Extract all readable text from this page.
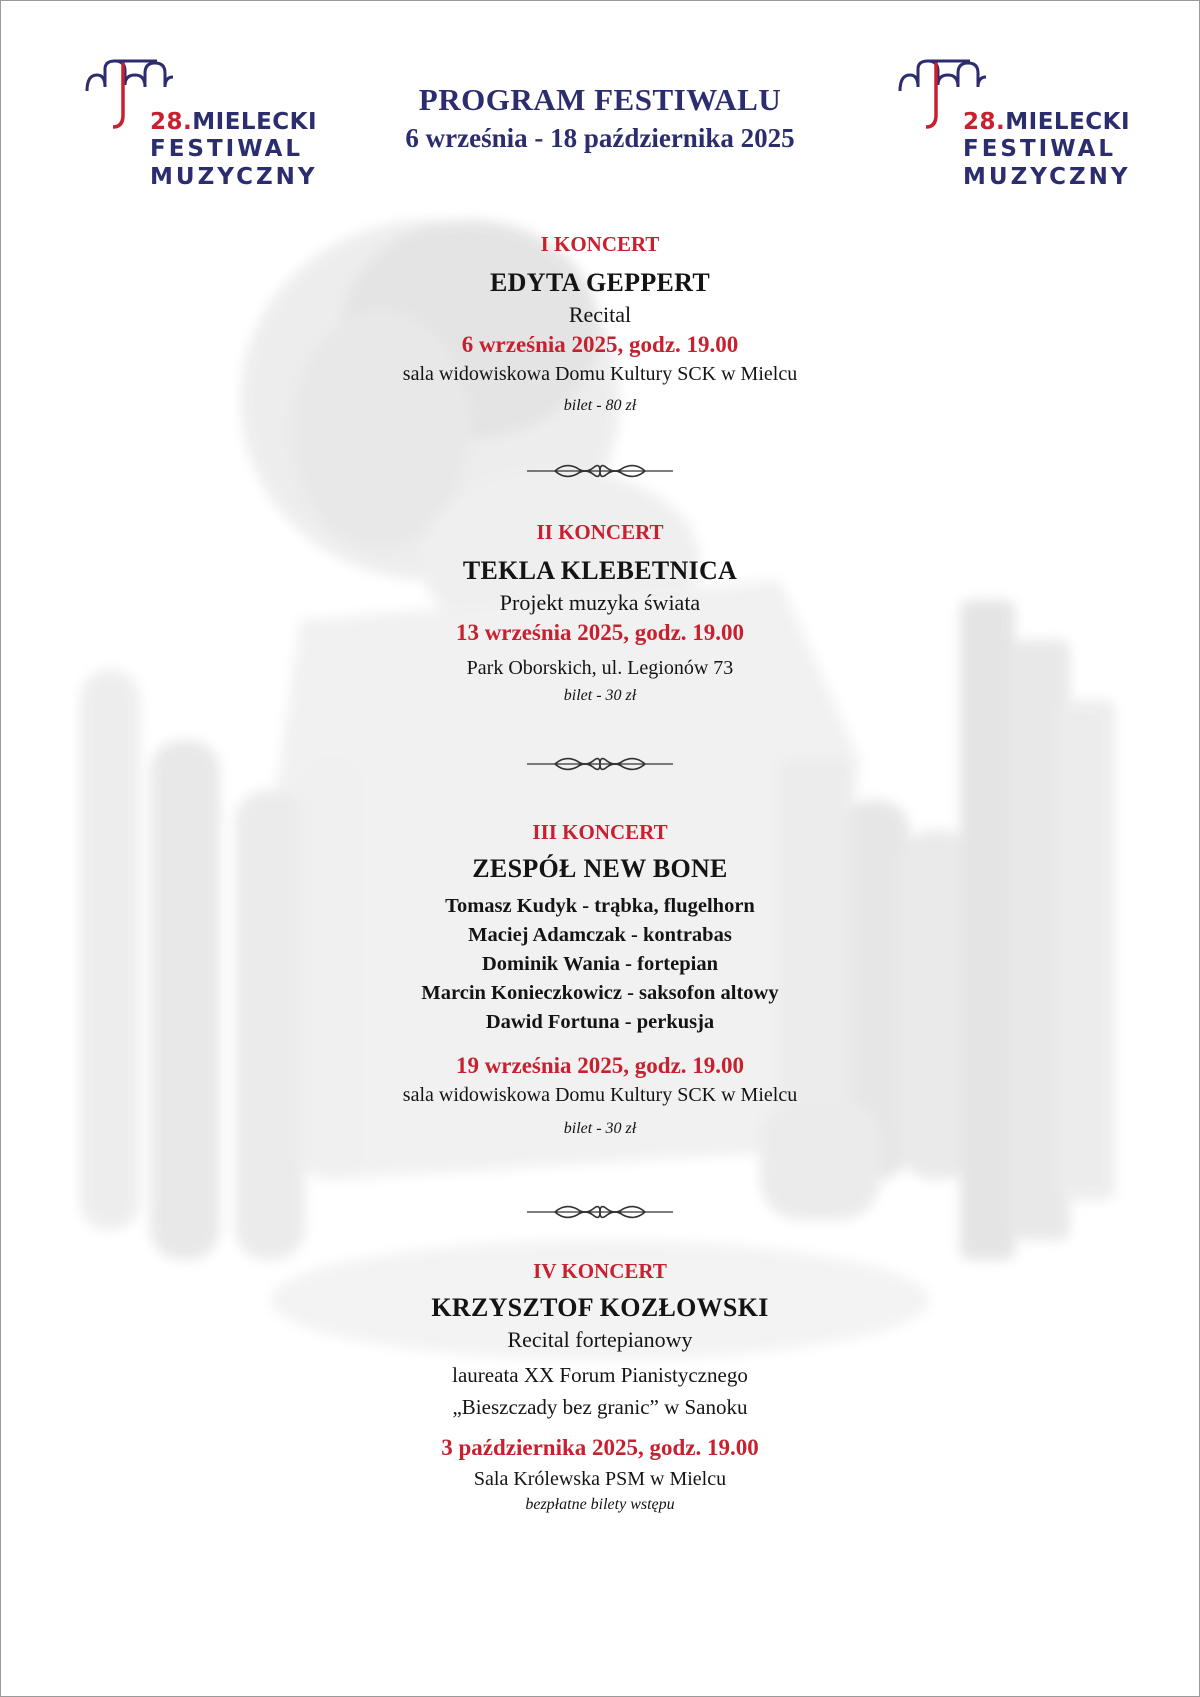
28.MIELECKI
FESTIWAL
MUZYCZNY
28.MIELECKI
FESTIWAL
MUZYCZNY
PROGRAM FESTIWALU
6 września - 18 października 2025
I KONCERT
EDYTA GEPPERT
Recital
6 września 2025, godz. 19.00
sala widowiskowa Domu Kultury SCK w Mielcu
bilet - 80 zł
II KONCERT
TEKLA KLEBETNICA
Projekt muzyka świata
13 września 2025, godz. 19.00
Park Oborskich, ul. Legionów 73
bilet - 30 zł
III KONCERT
ZESPÓŁ NEW BONE
Tomasz Kudyk - trąbka, flugelhorn
Maciej Adamczak - kontrabas
Dominik Wania - fortepian
Marcin Konieczkowicz - saksofon altowy
Dawid Fortuna - perkusja
19 września 2025, godz. 19.00
sala widowiskowa Domu Kultury SCK w Mielcu
bilet - 30 zł
IV KONCERT
KRZYSZTOF KOZŁOWSKI
Recital fortepianowy
laureata XX Forum Pianistycznego
„Bieszczady bez granic” w Sanoku
3 października 2025, godz. 19.00
Sala Królewska PSM w Mielcu
bezpłatne bilety wstępu
